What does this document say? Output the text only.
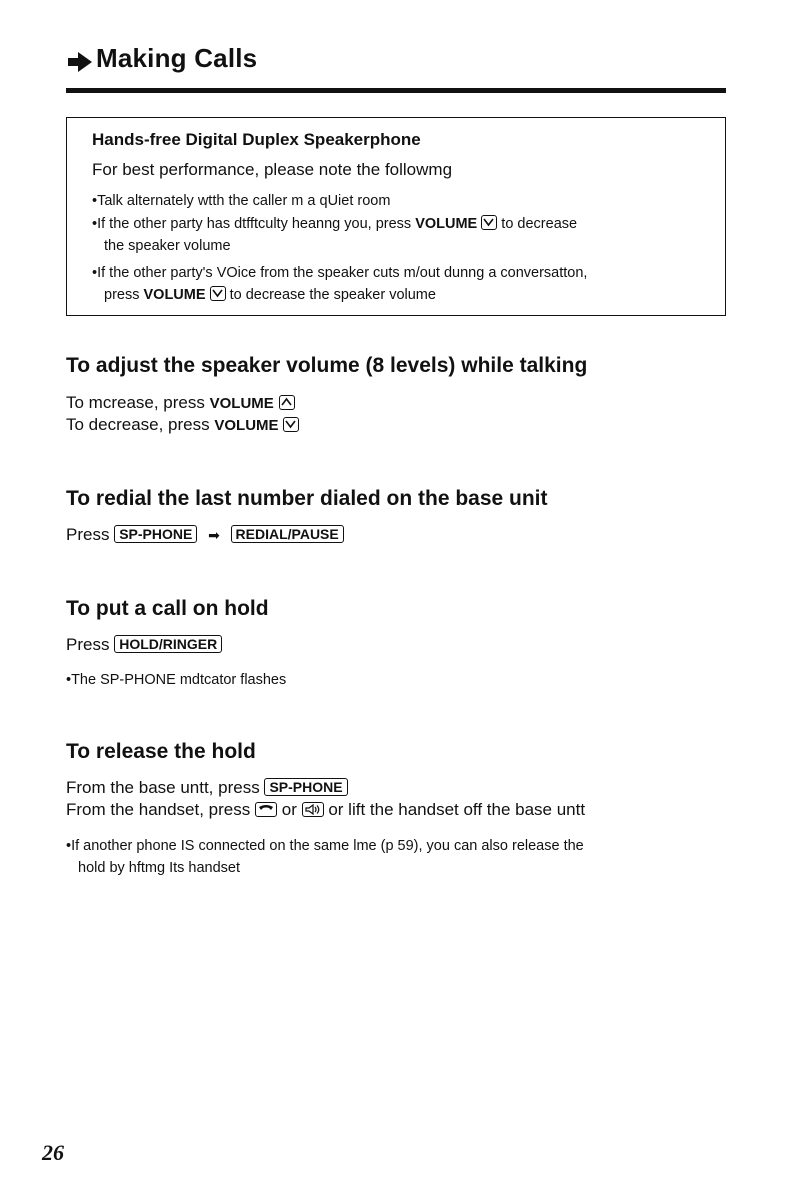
Making Calls
Hands-free Digital Duplex Speakerphone
For best performance, please note the followmg
•Talk alternately wtth the caller m a qUiet room
•If the other party has dtfftculty heanng you, press VOLUME to decrease
the speaker volume
•If the other party's VOice from the speaker cuts m/out dunng a conversatton,
press VOLUME to decrease the speaker volume
To adjust the speaker volume (8 levels) while talking
To mcrease, press VOLUME
To decrease, press VOLUME
To redial the last number dialed on the base unit
Press SP-PHONE ➡ REDIAL/PAUSE
To put a call on hold
Press HOLD/RINGER
•The SP-PHONE mdtcator flashes
To release the hold
From the base untt, press SP-PHONE
From the handset, press or or lift the handset off the base untt
•If another phone IS connected on the same lme (p 59), you can also release the
hold by hftmg Its handset
26
